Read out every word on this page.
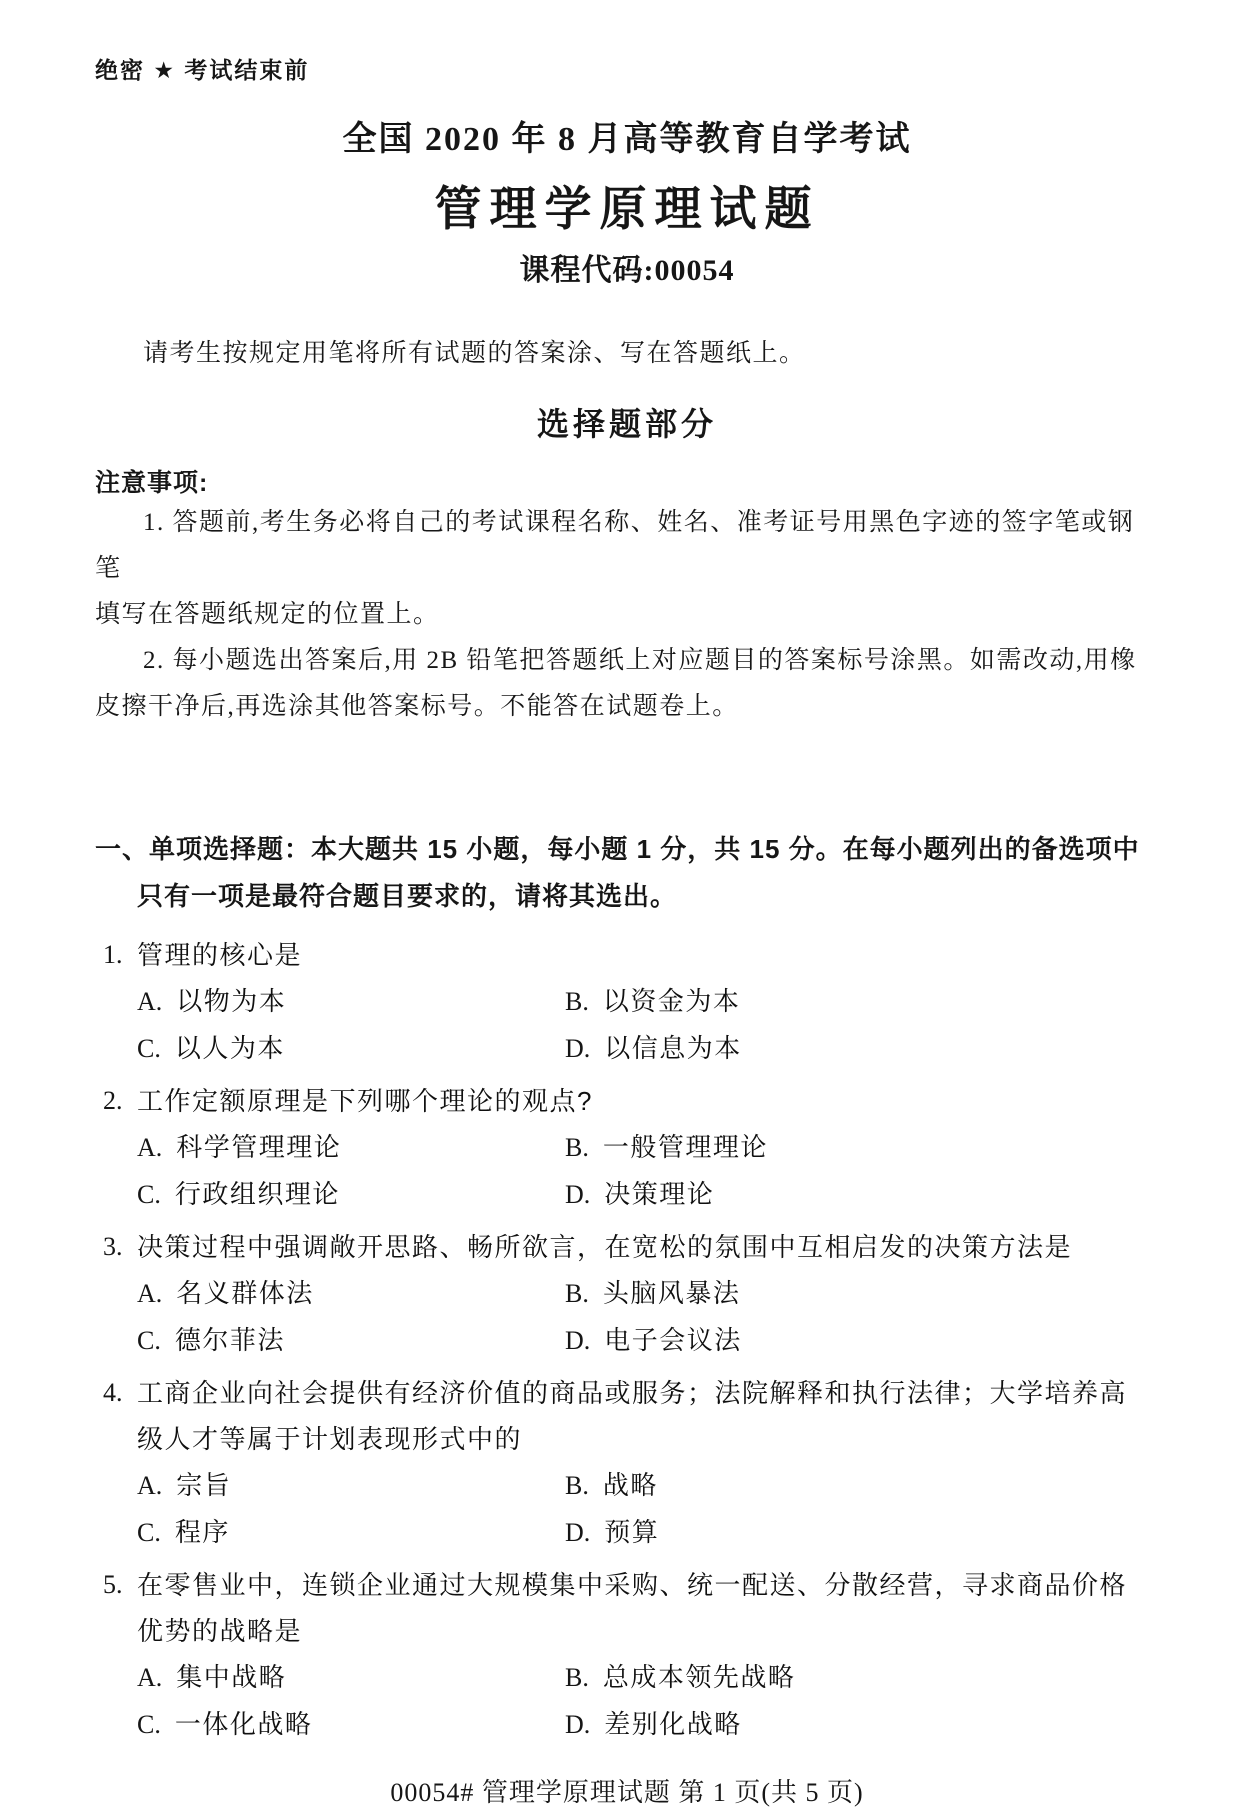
绝密 ★ 考试结束前
全国 2020 年 8 月高等教育自学考试
管理学原理试题
课程代码:00054
请考生按规定用笔将所有试题的答案涂、写在答题纸上。
选择题部分
注意事项:
1. 答题前,考生务必将自己的考试课程名称、姓名、准考证号用黑色字迹的签字笔或钢笔
填写在答题纸规定的位置上。
2. 每小题选出答案后,用 2B 铅笔把答题纸上对应题目的答案标号涂黑。如需改动,用橡
皮擦干净后,再选涂其他答案标号。不能答在试题卷上。
一、单项选择题：本大题共 15 小题，每小题 1 分，共 15 分。在每小题列出的备选项中
只有一项是最符合题目要求的，请将其选出。
1. 管理的核心是
A. 以物为本	B. 以资金为本
C. 以人为本	D. 以信息为本
2. 工作定额原理是下列哪个理论的观点?
A. 科学管理理论	B. 一般管理理论
C. 行政组织理论	D. 决策理论
3. 决策过程中强调敞开思路、畅所欲言，在宽松的氛围中互相启发的决策方法是
A. 名义群体法	B. 头脑风暴法
C. 德尔菲法	D. 电子会议法
4. 工商企业向社会提供有经济价值的商品或服务；法院解释和执行法律；大学培养高
级人才等属于计划表现形式中的
A. 宗旨	B. 战略
C. 程序	D. 预算
5. 在零售业中，连锁企业通过大规模集中采购、统一配送、分散经营，寻求商品价格
优势的战略是
A. 集中战略	B. 总成本领先战略
C. 一体化战略	D. 差别化战略
00054# 管理学原理试题 第 1 页(共 5 页)
